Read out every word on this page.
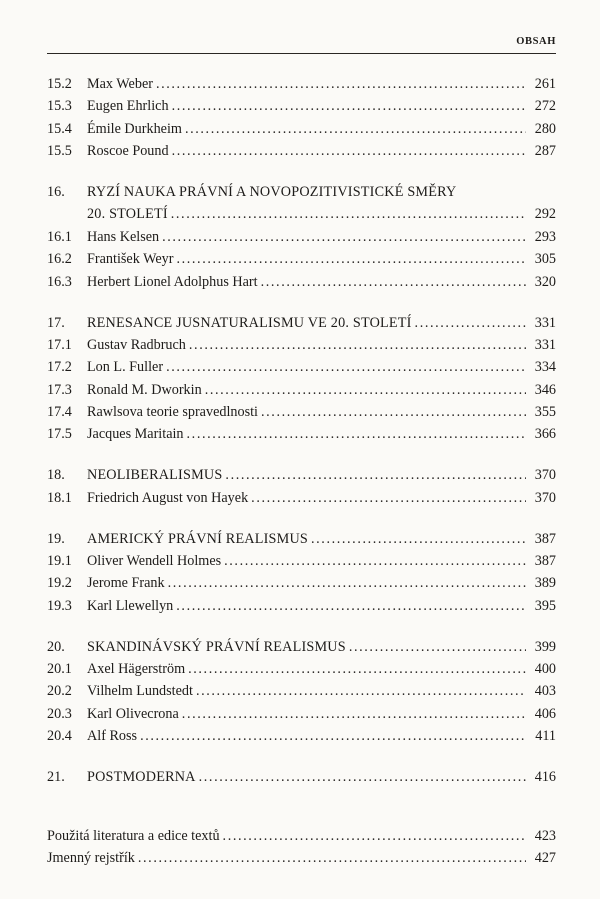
OBSAH
15.2	Max Weber .....	261
15.3	Eugen Ehrlich .....	272
15.4	Émile Durkheim .....	280
15.5	Roscoe Pound .....	287
16.	RYZÍ NAUKA PRÁVNÍ A NOVOPOZITIVISTICKÉ SMĚRY
20. STOLETÍ .....	292
16.1	Hans Kelsen .....	293
16.2	František Weyr .....	305
16.3	Herbert Lionel Adolphus Hart .....	320
17.	RENESANCE JUSNATURALISMU VE 20. STOLETÍ .....	331
17.1	Gustav Radbruch .....	331
17.2	Lon L. Fuller .....	334
17.3	Ronald M. Dworkin .....	346
17.4	Rawlsova teorie spravedlnosti .....	355
17.5	Jacques Maritain .....	366
18.	NEOLIBERALISMUS .....	370
18.1	Friedrich August von Hayek .....	370
19.	AMERICKÝ PRÁVNÍ REALISMUS .....	387
19.1	Oliver Wendell Holmes .....	387
19.2	Jerome Frank .....	389
19.3	Karl Llewellyn .....	395
20.	SKANDINÁVSKÝ PRÁVNÍ REALISMUS .....	399
20.1	Axel Hägerström .....	400
20.2	Vilhelm Lundstedt .....	403
20.3	Karl Olivecrona .....	406
20.4	Alf Ross .....	411
21.	POSTMODERNA .....	416
Použitá literatura a edice textů .....	423
Jmenný rejstřík .....	427
